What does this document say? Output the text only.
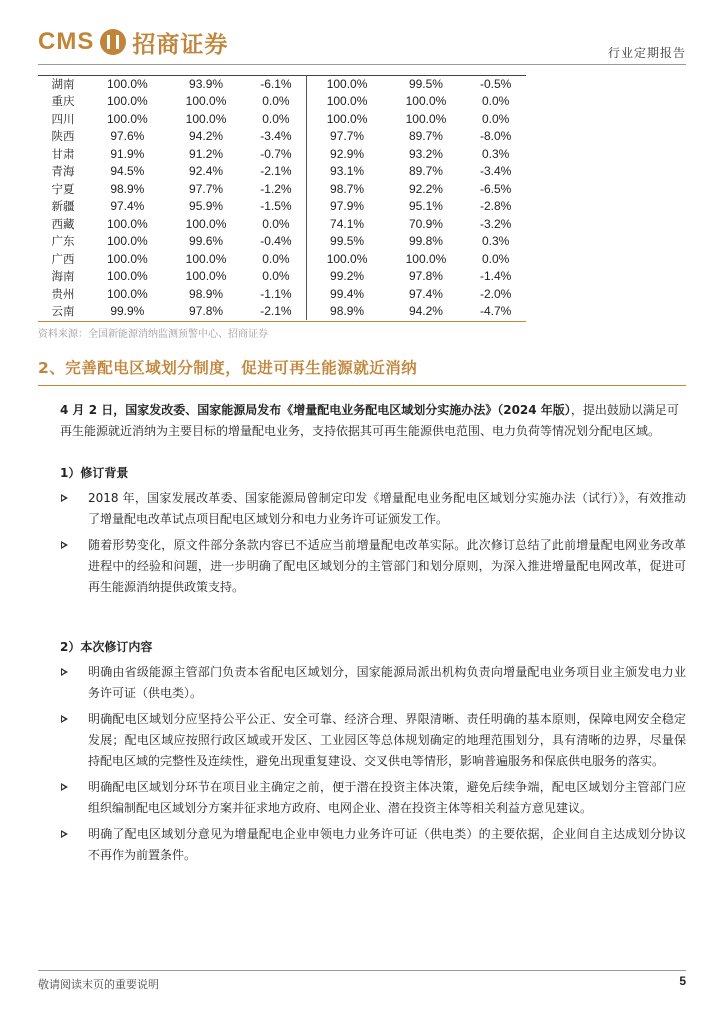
CMS 招商证券	行业定期报告
湖南	100.0%	93.9%	-6.1%	100.0%	99.5%	-0.5%
重庆	100.0%	100.0%	0.0%	100.0%	100.0%	0.0%
四川	100.0%	100.0%	0.0%	100.0%	100.0%	0.0%
陕西	97.6%	94.2%	-3.4%	97.7%	89.7%	-8.0%
甘肃	91.9%	91.2%	-0.7%	92.9%	93.2%	0.3%
青海	94.5%	92.4%	-2.1%	93.1%	89.7%	-3.4%
宁夏	98.9%	97.7%	-1.2%	98.7%	92.2%	-6.5%
新疆	97.4%	95.9%	-1.5%	97.9%	95.1%	-2.8%
西藏	100.0%	100.0%	0.0%	74.1%	70.9%	-3.2%
广东	100.0%	99.6%	-0.4%	99.5%	99.8%	0.3%
广西	100.0%	100.0%	0.0%	100.0%	100.0%	0.0%
海南	100.0%	100.0%	0.0%	99.2%	97.8%	-1.4%
贵州	100.0%	98.9%	-1.1%	99.4%	97.4%	-2.0%
云南	99.9%	97.8%	-2.1%	98.9%	94.2%	-4.7%
资料来源：全国新能源消纳监测预警中心、招商证券
2、完善配电区域划分制度，促进可再生能源就近消纳
4 月 2 日，国家发改委、国家能源局发布《增量配电业务配电区域划分实施办法》（2024 年版），提出鼓励以满足可再生能源就近消纳为主要目标的增量配电业务，支持依据其可再生能源供电范围、电力负荷等情况划分配电区域。
1）修订背景
2018 年，国家发展改革委、国家能源局曾制定印发《增量配电业务配电区域划分实施办法（试行）》，有效推动了增量配电改革试点项目配电区域划分和电力业务许可证颁发工作。
随着形势变化，原文件部分条款内容已不适应当前增量配电改革实际。此次修订总结了此前增量配电网业务改革进程中的经验和问题，进一步明确了配电区域划分的主管部门和划分原则，为深入推进增量配电网改革，促进可再生能源消纳提供政策支持。
2）本次修订内容
明确由省级能源主管部门负责本省配电区域划分，国家能源局派出机构负责向增量配电业务项目业主颁发电力业务许可证（供电类）。
明确配电区域划分应坚持公平公正、安全可靠、经济合理、界限清晰、责任明确的基本原则，保障电网安全稳定发展；配电区域应按照行政区域或开发区、工业园区等总体规划确定的地理范围划分，具有清晰的边界，尽量保持配电区域的完整性及连续性，避免出现重复建设、交叉供电等情形，影响普遍服务和保底供电服务的落实。
明确配电区域划分环节在项目业主确定之前，便于潜在投资主体决策，避免后续争端，配电区域划分主管部门应组织编制配电区域划分方案并征求地方政府、电网企业、潜在投资主体等相关利益方意见建议。
明确了配电区域划分意见为增量配电企业申领电力业务许可证（供电类）的主要依据，企业间自主达成划分协议不再作为前置条件。
敬请阅读末页的重要说明	5
